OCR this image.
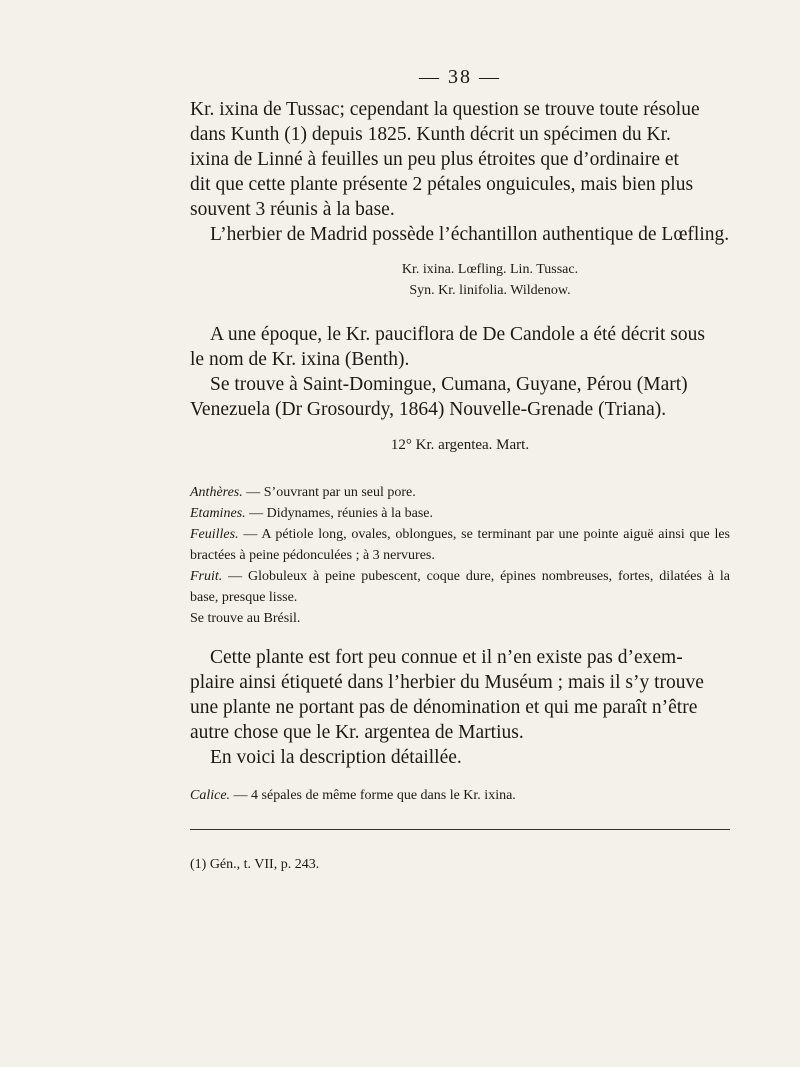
— 38 —

Kr. ixina de Tussac; cependant la question se trouve toute résolue

dans Kunth (1) depuis 1825. Kunth décrit un spécimen du Kr.

ixina de Linné à feuilles un peu plus étroites que d’ordinaire et

dit que cette plante présente 2 pétales onguicules, mais bien plus

souvent 3 réunis à la base.

L’herbier de Madrid possède l’échantillon authentique de Lœfling.

Kr. ixina. Lœfling. Lin. Tussac.
Syn. Kr. linifolia. Wildenow.

A une époque, le Kr. pauciflora de De Candole a été décrit sous

le nom de Kr. ixina (Benth).

Se trouve à Saint-Domingue, Cumana, Guyane, Pérou (Mart)

Venezuela (Dr Grosourdy, 1864) Nouvelle-Grenade (Triana).

12° Kr. argentea. Mart.

Anthères. — S’ouvrant par un seul pore.

Etamines. — Didynames, réunies à la base.

Feuilles. — A pétiole long, ovales, oblongues, se terminant par une pointe aiguë ainsi que les bractées à peine pédonculées ; à 3 nervures.

Fruit. — Globuleux à peine pubescent, coque dure, épines nombreuses, fortes, dilatées à la base, presque lisse.

Se trouve au Brésil.

Cette plante est fort peu connue et il n’en existe pas d’exem-

plaire ainsi étiqueté dans l’herbier du Muséum ; mais il s’y trouve

une plante ne portant pas de dénomination et qui me paraît n’être

autre chose que le Kr. argentea de Martius.

En voici la description détaillée.

Calice. — 4 sépales de même forme que dans le Kr. ixina.
(1) Gén., t. VII, p. 243.
